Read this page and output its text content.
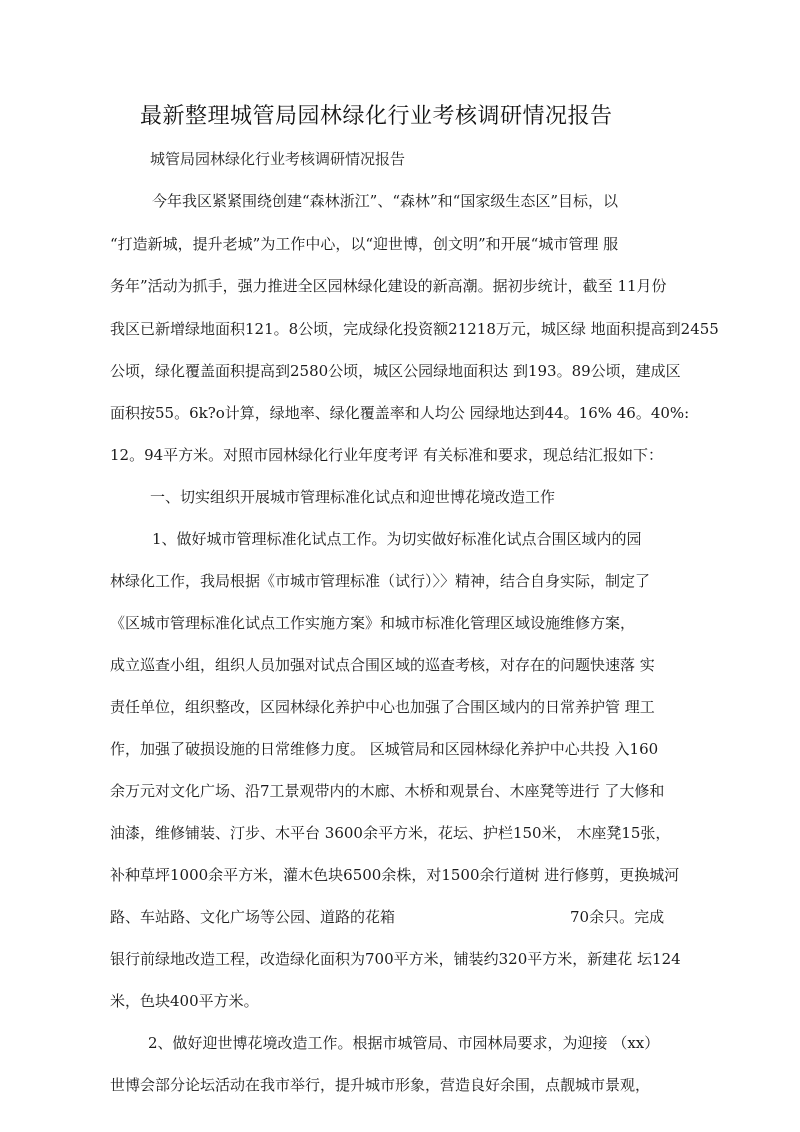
最新整理城管局园林绿化行业考核调研情况报告
城管局园林绿化行业考核调研情况报告
今年我区紧紧围绕创建“森林浙江”、“森林”和“国家级生态区”目标，以
“打造新城，提升老城”为工作中心，以“迎世博，创文明”和开展“城市管理 服
务年”活动为抓手，强力推进全区园林绿化建设的新高潮。据初步统计，截至 11月份
我区已新增绿地面积121。8公顷，完成绿化投资额21218万元，城区绿 地面积提高到2455
公顷，绿化覆盖面积提高到2580公顷，城区公园绿地面积达 到193。89公顷，建成区
面积按55。6k?o计算，绿地率、绿化覆盖率和人均公 园绿地达到44。16% 46。40%:
12。94平方米。对照市园林绿化行业年度考评 有关标准和要求，现总结汇报如下：
一、切实组织开展城市管理标准化试点和迎世博花境改造工作
1、做好城市管理标准化试点工作。为切实做好标准化试点合围区域内的园
林绿化工作，我局根据《市城市管理标准（试行）〉〉精神，结合自身实际，制定了
《区城市管理标准化试点工作实施方案》和城市标准化管理区域设施维修方案，
成立巡查小组，组织人员加强对试点合围区域的巡查考核，对存在的问题快速落 实
责任单位，组织整改，区园林绿化养护中心也加强了合围区域内的日常养护管 理工
作，加强了破损设施的日常维修力度。 区城管局和区园林绿化养护中心共投 入160
余万元对文化广场、沿7工景观带内的木廊、木桥和观景台、木座凳等进行 了大修和
油漆，维修铺装、汀步、木平台 3600余平方米，花坛、护栏150米， 木座凳15张，
补种草坪1000余平方米，灌木色块6500余株，对1500余行道树 进行修剪，更换城河
路、车站路、文化广场等公园、道路的花箱	70余只。完成
银行前绿地改造工程，改造绿化面积为700平方米，铺装约320平方米，新建花 坛124
米，色块400平方米。
2、做好迎世博花境改造工作。根据市城管局、市园林局要求，为迎接 （xx）
世博会部分论坛活动在我市举行，提升城市形象，营造良好余围，点靓城市景观，
